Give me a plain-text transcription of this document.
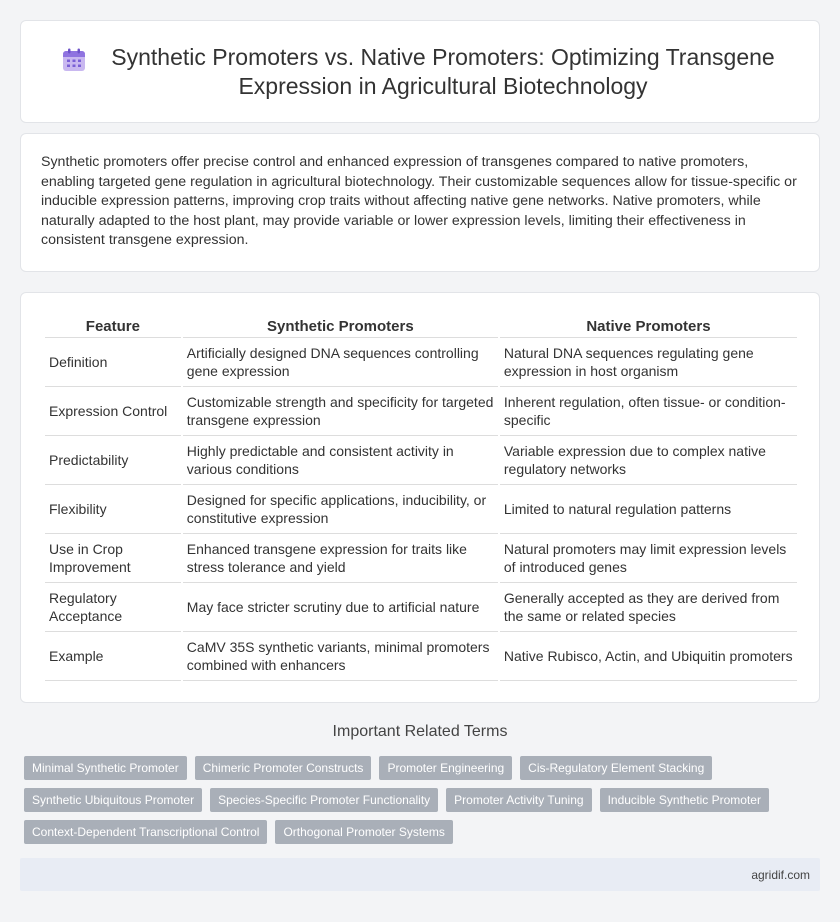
Synthetic Promoters vs. Native Promoters: Optimizing Transgene Expression in Agricultural Biotechnology

Synthetic promoters offer precise control and enhanced expression of transgenes compared to native promoters, enabling targeted gene regulation in agricultural biotechnology. Their customizable sequences allow for tissue-specific or inducible expression patterns, improving crop traits without affecting native gene networks. Native promoters, while naturally adapted to the host plant, may provide variable or lower expression levels, limiting their effectiveness in consistent transgene expression.

Feature	Synthetic Promoters	Native Promoters
Definition	Artificially designed DNA sequences controlling gene expression	Natural DNA sequences regulating gene expression in host organism
Expression Control	Customizable strength and specificity for targeted transgene expression	Inherent regulation, often tissue- or condition-specific
Predictability	Highly predictable and consistent activity in various conditions	Variable expression due to complex native regulatory networks
Flexibility	Designed for specific applications, inducibility, or constitutive expression	Limited to natural regulation patterns
Use in Crop Improvement	Enhanced transgene expression for traits like stress tolerance and yield	Natural promoters may limit expression levels of introduced genes
Regulatory Acceptance	May face stricter scrutiny due to artificial nature	Generally accepted as they are derived from the same or related species
Example	CaMV 35S synthetic variants, minimal promoters combined with enhancers	Native Rubisco, Actin, and Ubiquitin promoters
Important Related Terms
Minimal Synthetic Promoter	Chimeric Promoter Constructs	Promoter Engineering	Cis-Regulatory Element Stacking
Synthetic Ubiquitous Promoter	Species-Specific Promoter Functionality	Promoter Activity Tuning	Inducible Synthetic Promoter
Context-Dependent Transcriptional Control	Orthogonal Promoter Systems
agridif.com
